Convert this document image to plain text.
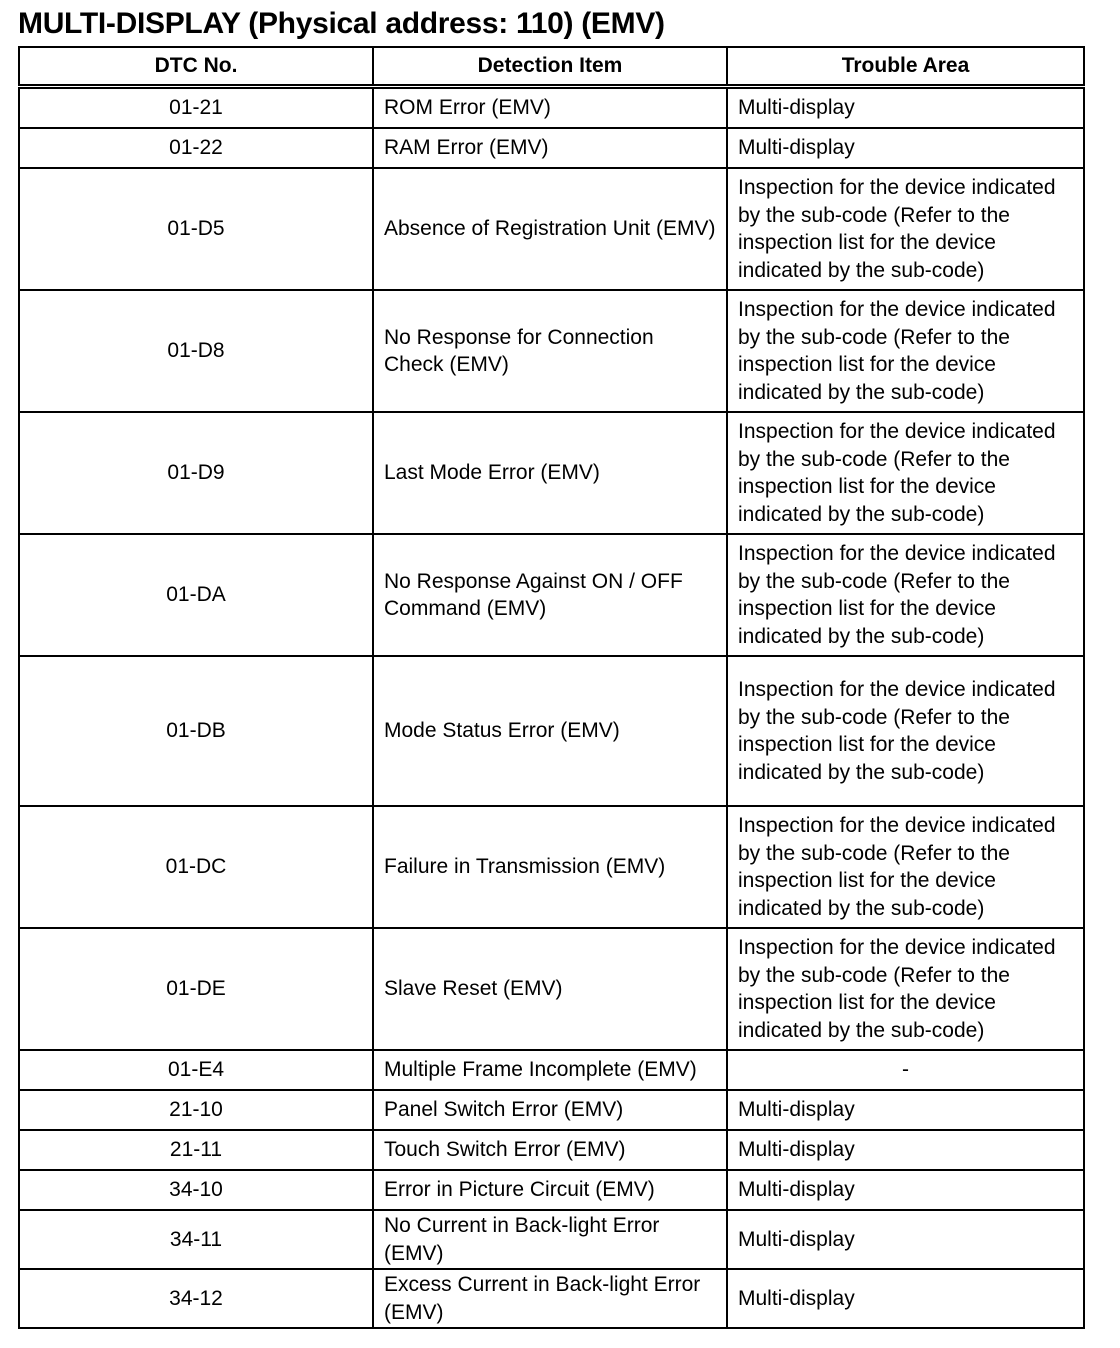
MULTI-DISPLAY (Physical address: 110) (EMV)
DTC No.	Detection Item	Trouble Area
01-21	ROM Error (EMV)	Multi-display
01-22	RAM Error (EMV)	Multi-display
01-D5	Absence of Registration Unit (EMV)	Inspection for the device indicated by the sub-code (Refer to the inspection list for the device indicated by the sub-code)
01-D8	No Response for Connection Check (EMV)	Inspection for the device indicated by the sub-code (Refer to the inspection list for the device indicated by the sub-code)
01-D9	Last Mode Error (EMV)	Inspection for the device indicated by the sub-code (Refer to the inspection list for the device indicated by the sub-code)
01-DA	No Response Against ON / OFF Command (EMV)	Inspection for the device indicated by the sub-code (Refer to the inspection list for the device indicated by the sub-code)
01-DB	Mode Status Error (EMV)	Inspection for the device indicated by the sub-code (Refer to the inspection list for the device indicated by the sub-code)
01-DC	Failure in Transmission (EMV)	Inspection for the device indicated by the sub-code (Refer to the inspection list for the device indicated by the sub-code)
01-DE	Slave Reset (EMV)	Inspection for the device indicated by the sub-code (Refer to the inspection list for the device indicated by the sub-code)
01-E4	Multiple Frame Incomplete (EMV)	-
21-10	Panel Switch Error (EMV)	Multi-display
21-11	Touch Switch Error (EMV)	Multi-display
34-10	Error in Picture Circuit (EMV)	Multi-display
34-11	No Current in Back-light Error (EMV)	Multi-display
34-12	Excess Current in Back-light Error (EMV)	Multi-display
